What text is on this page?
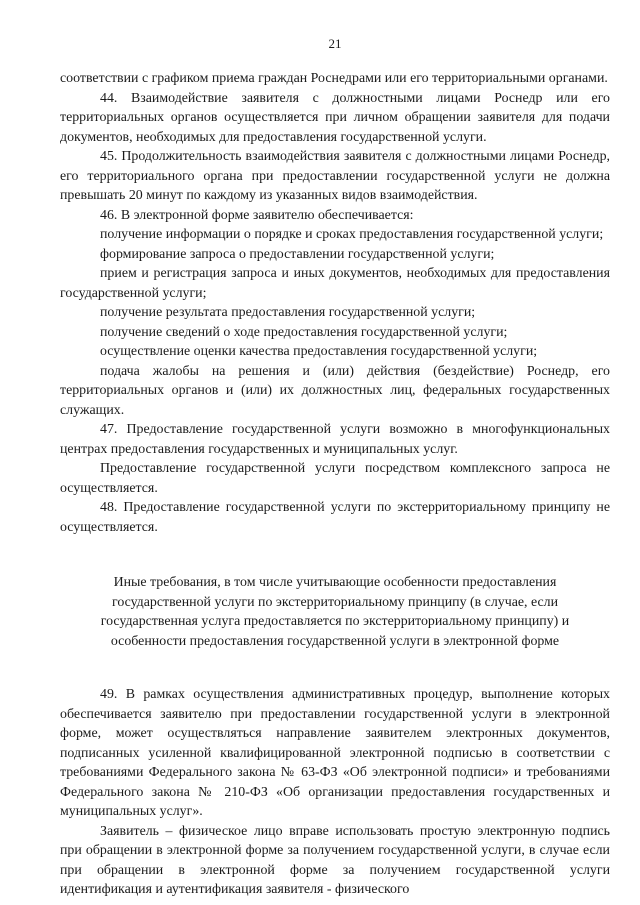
21

соответствии с графиком приема граждан Роснедрами или его территориальными органами.

44. Взаимодействие заявителя с должностными лицами Роснедр или его территориальных органов осуществляется при личном обращении заявителя для подачи документов, необходимых для предоставления государственной услуги.

45. Продолжительность взаимодействия заявителя с должностными лицами Роснедр, его территориального органа при предоставлении государственной услуги не должна превышать 20 минут по каждому из указанных видов взаимодействия.

46. В электронной форме заявителю обеспечивается:

получение информации о порядке и сроках предоставления государственной услуги;

формирование запроса о предоставлении государственной услуги;

прием и регистрация запроса и иных документов, необходимых для предоставления государственной услуги;

получение результата предоставления государственной услуги;

получение сведений о ходе предоставления государственной услуги;

осуществление оценки качества предоставления государственной услуги;

подача жалобы на решения и (или) действия (бездействие) Роснедр, его территориальных органов и (или) их должностных лиц, федеральных государственных служащих.

47. Предоставление государственной услуги возможно в многофункциональных центрах предоставления государственных и муниципальных услуг.

Предоставление государственной услуги посредством комплексного запроса не осуществляется.

48. Предоставление государственной услуги по экстерриториальному принципу не осуществляется.

Иные требования, в том числе учитывающие особенности предоставления
государственной услуги по экстерриториальному принципу (в случае, если
государственная услуга предоставляется по экстерриториальному принципу) и
особенности предоставления государственной услуги в электронной форме

49. В рамках осуществления административных процедур, выполнение которых обеспечивается заявителю при предоставлении государственной услуги в электронной форме, может осуществляться направление заявителем электронных документов, подписанных усиленной квалифицированной электронной подписью в соответствии с требованиями Федерального закона № 63-ФЗ «Об электронной подписи» и требованиями Федерального закона № 210-ФЗ «Об организации предоставления государственных и муниципальных услуг».

Заявитель – физическое лицо вправе использовать простую электронную подпись при обращении в электронной форме за получением государственной услуги, в случае если при обращении в электронной форме за получением государственной услуги идентификация и аутентификация заявителя - физического
